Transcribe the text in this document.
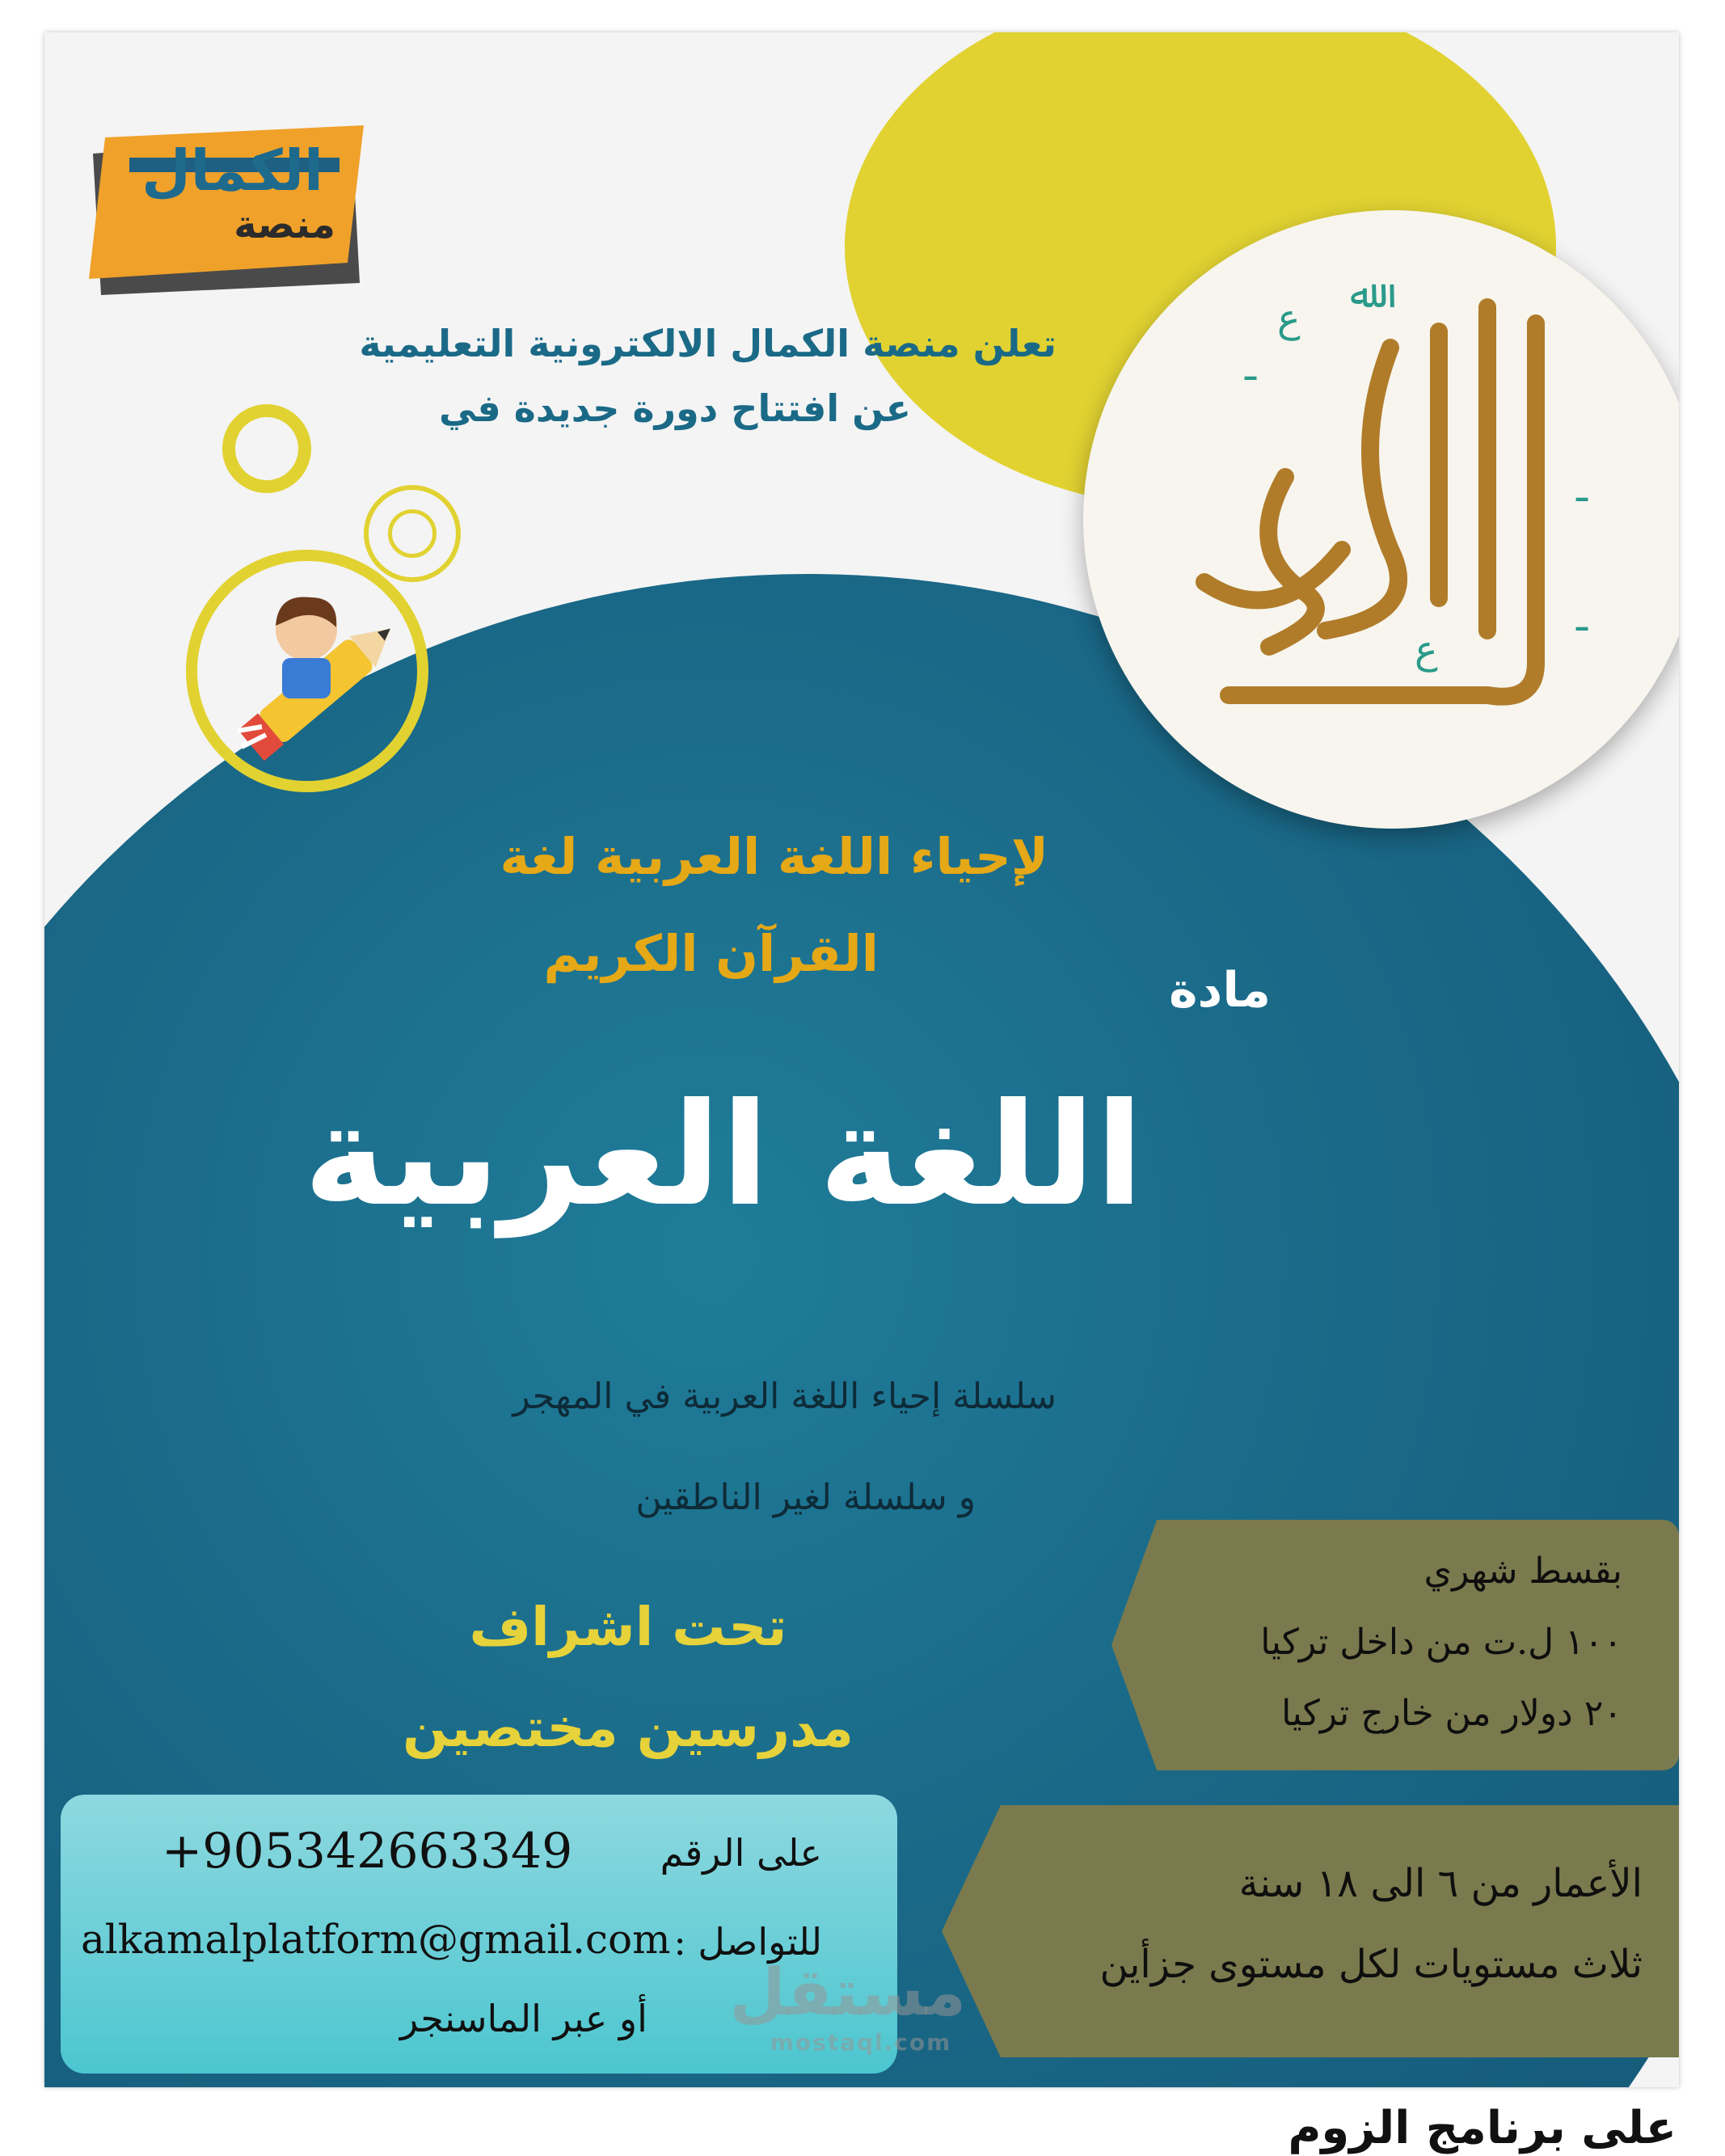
ﷲ
ع
ـ
ـ
ع
ـ
الكمال
منصة
تعلن منصة الكمال الالكترونية التعليمية
عن افتتاح دورة جديدة في
لإحياء اللغة العربية لغة
القرآن الكريم
مادة
اللغة العربية
سلسلة إحياء اللغة العربية في المهجر
و سلسلة لغير الناطقين
تحت اشراف
مدرسين مختصين
بقسط شهري
١٠٠ ل.ت من داخل تركيا
٢٠ دولار من خارج تركيا
الأعمار من ٦ الى ١٨ سنة
ثلاث مستويات لكل مستوى جزأين
+905342663349 على الرقم
alkamalplatform@gmail.com للتواصل :
أو عبر الماسنجر مستقل
mostaql.com
على برنامج الزوم
